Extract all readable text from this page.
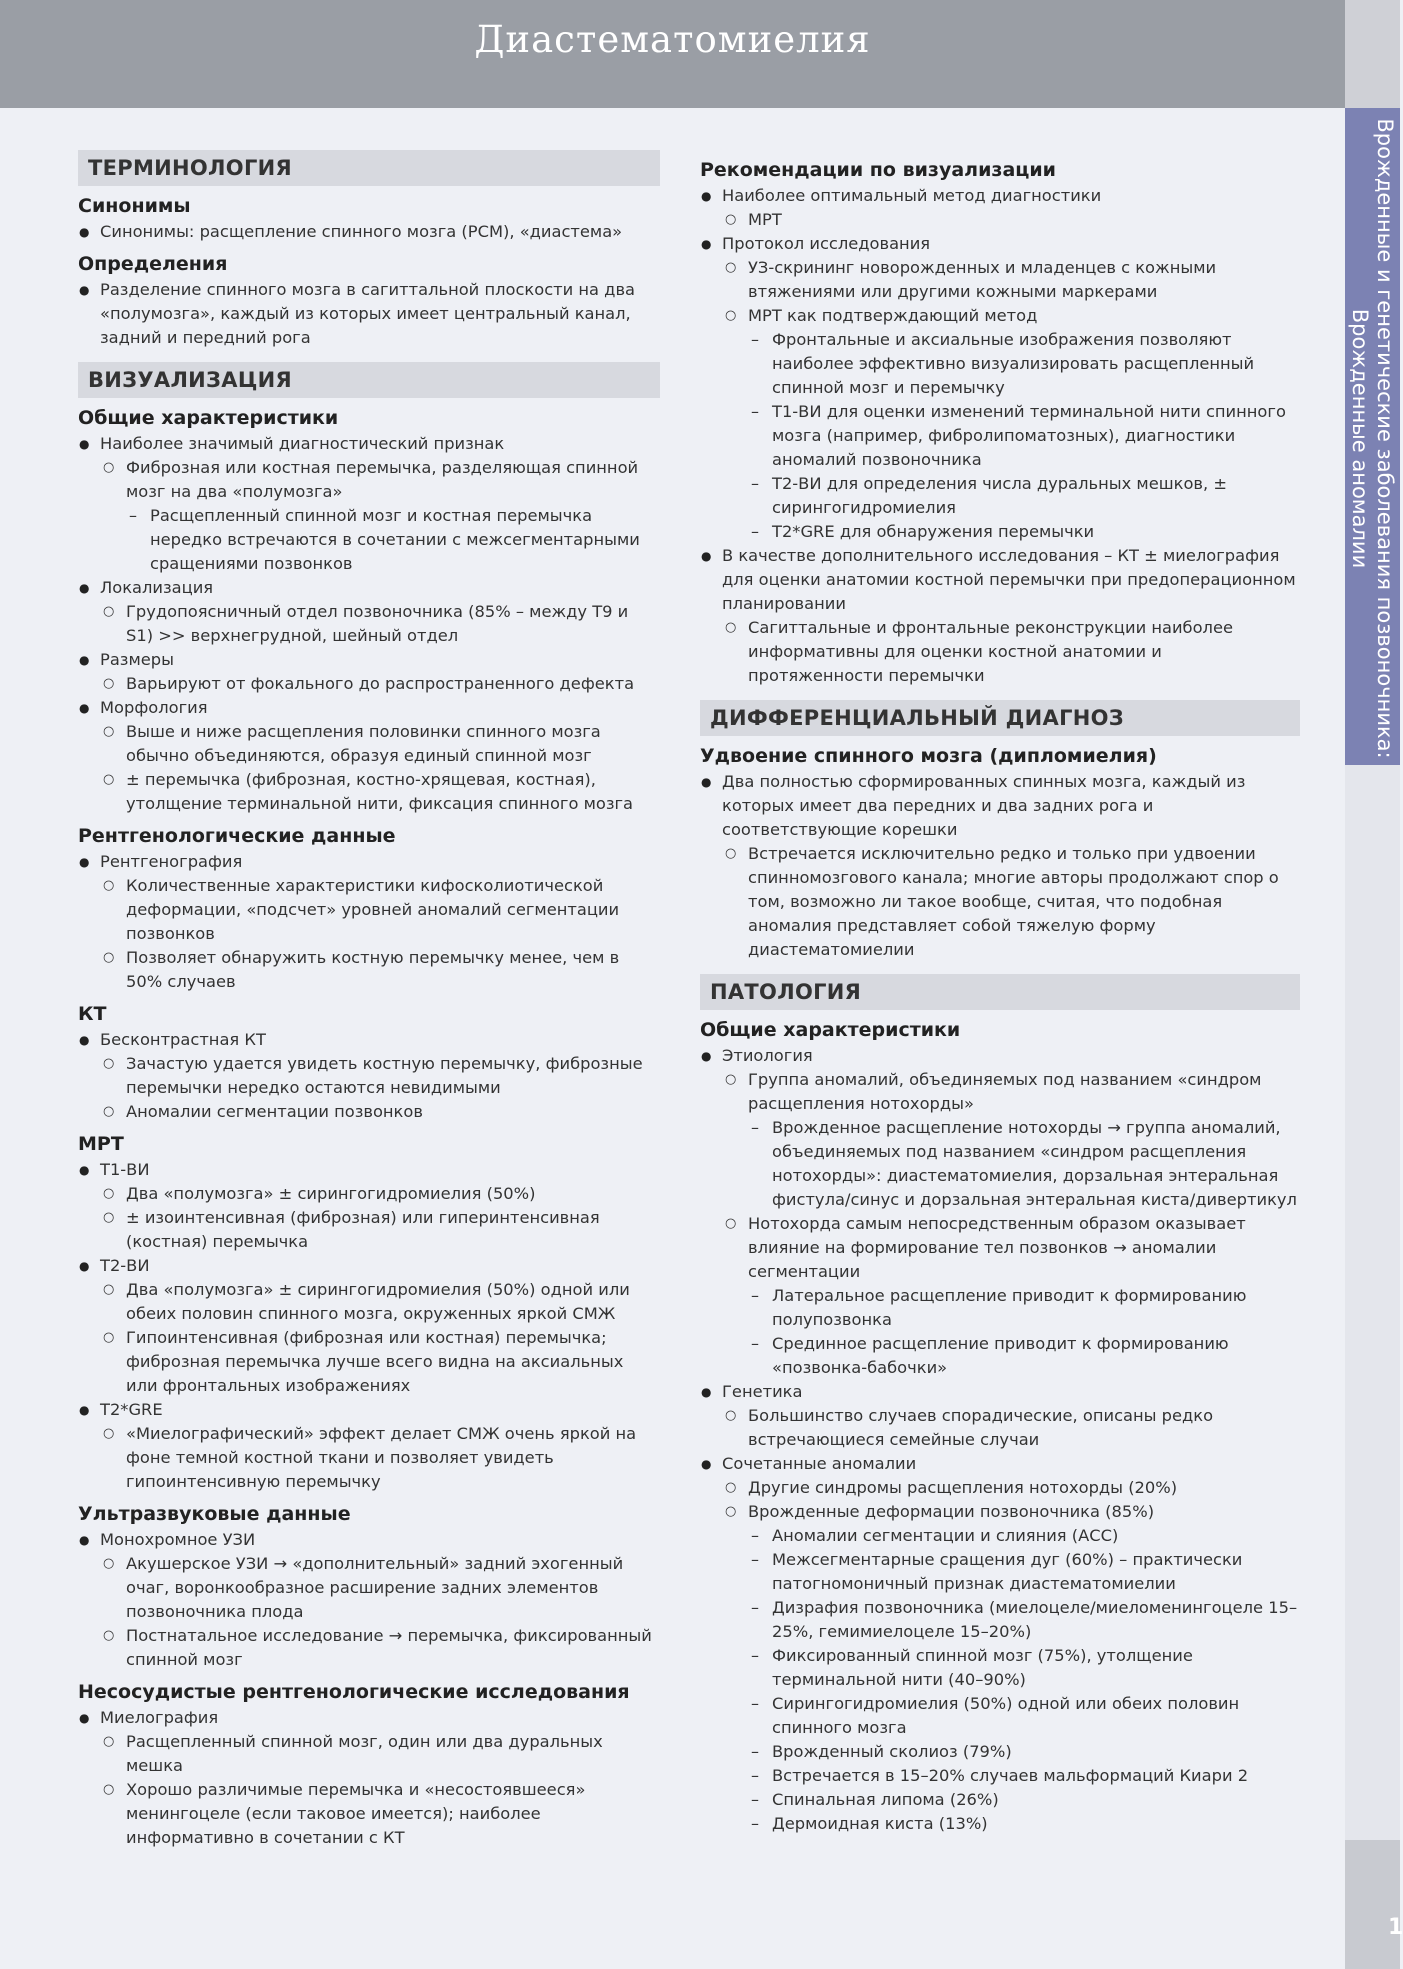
Диастематомиелия
Врожденные и генетические заболевания позвоночника: Врожденные аномалии
1
ТЕРМИНОЛОГИЯ
Синонимы
● Синонимы: расщепление спинного мозга (РСМ), «диастема»
Определения
● Разделение спинного мозга в сагиттальной плоскости на два «полумозга», каждый из которых имеет центральный канал, задний и передний рога
ВИЗУАЛИЗАЦИЯ
Общие характеристики
● Наиболее значимый диагностический признак
○ Фиброзная или костная перемычка, разделяющая спинной мозг на два «полумозга»
– Расщепленный спинной мозг и костная перемычка нередко встречаются в сочетании с межсегментарными сращениями позвонков
● Локализация
○ Грудопоясничный отдел позвоночника (85% – между Т9 и S1) >> верхнегрудной, шейный отдел
● Размеры
○ Варьируют от фокального до распространенного дефекта
● Морфология
○ Выше и ниже расщепления половинки спинного мозга обычно объединяются, образуя единый спинной мозг
○ ± перемычка (фиброзная, костно-хрящевая, костная), утолщение терминальной нити, фиксация спинного мозга
Рентгенологические данные
● Рентгенография
○ Количественные характеристики кифосколиотической деформации, «подсчет» уровней аномалий сегментации позвонков
○ Позволяет обнаружить костную перемычку менее, чем в 50% случаев
КТ
● Бесконтрастная КТ
○ Зачастую удается увидеть костную перемычку, фиброзные перемычки нередко остаются невидимыми
○ Аномалии сегментации позвонков
МРТ
● Т1-ВИ
○ Два «полумозга» ± сирингогидромиелия (50%)
○ ± изоинтенсивная (фиброзная) или гиперинтенсивная (костная) перемычка
● Т2-ВИ
○ Два «полумозга» ± сирингогидромиелия (50%) одной или обеих половин спинного мозга, окруженных яркой СМЖ
○ Гипоинтенсивная (фиброзная или костная) перемычка; фиброзная перемычка лучше всего видна на аксиальных или фронтальных изображениях
● T2*GRE
○ «Миелографический» эффект делает СМЖ очень яркой на фоне темной костной ткани и позволяет увидеть гипоинтенсивную перемычку
Ультразвуковые данные
● Монохромное УЗИ
○ Акушерское УЗИ → «дополнительный» задний эхогенный очаг, воронкообразное расширение задних элементов позвоночника плода
○ Постнатальное исследование → перемычка, фиксированный спинной мозг
Несосудистые рентгенологические исследования
● Миелография
○ Расщепленный спинной мозг, один или два дуральных мешка
○ Хорошо различимые перемычка и «несостоявшееся» менингоцеле (если таковое имеется); наиболее информативно в сочетании с КТ
Рекомендации по визуализации
● Наиболее оптимальный метод диагностики
○ МРТ
● Протокол исследования
○ УЗ-скрининг новорожденных и младенцев с кожными втяжениями или другими кожными маркерами
○ МРТ как подтверждающий метод
– Фронтальные и аксиальные изображения позволяют наиболее эффективно визуализировать расщепленный спинной мозг и перемычку
– Т1-ВИ для оценки изменений терминальной нити спинного мозга (например, фибролипоматозных), диагностики аномалий позвоночника
– Т2-ВИ для определения числа дуральных мешков, ± сирингогидромиелия
– T2*GRE для обнаружения перемычки
● В качестве дополнительного исследования – КТ ± миелография для оценки анатомии костной перемычки при предоперационном планировании
○ Сагиттальные и фронтальные реконструкции наиболее информативны для оценки костной анатомии и протяженности перемычки
ДИФФЕРЕНЦИАЛЬНЫЙ ДИАГНОЗ
Удвоение спинного мозга (дипломиелия)
● Два полностью сформированных спинных мозга, каждый из которых имеет два передних и два задних рога и соответствующие корешки
○ Встречается исключительно редко и только при удвоении спинномозгового канала; многие авторы продолжают спор о том, возможно ли такое вообще, считая, что подобная аномалия представляет собой тяжелую форму диастематомиелии
ПАТОЛОГИЯ
Общие характеристики
● Этиология
○ Группа аномалий, объединяемых под названием «синдром расщепления нотохорды»
– Врожденное расщепление нотохорды → группа аномалий, объединяемых под названием «синдром расщепления нотохорды»: диастематомиелия, дорзальная энтеральная фистула/синус и дорзальная энтеральная киста/дивертикул
○ Нотохорда самым непосредственным образом оказывает влияние на формирование тел позвонков → аномалии сегментации
– Латеральное расщепление приводит к формированию полупозвонка
– Срединное расщепление приводит к формированию «позвонка-бабочки»
● Генетика
○ Большинство случаев спорадические, описаны редко встречающиеся семейные случаи
● Сочетанные аномалии
○ Другие синдромы расщепления нотохорды (20%)
○ Врожденные деформации позвоночника (85%)
– Аномалии сегментации и слияния (АСС)
– Межсегментарные сращения дуг (60%) – практически патогномоничный признак диастематомиелии
– Дизрафия позвоночника (миелоцеле/миеломенингоцеле 15–25%, гемимиелоцеле 15–20%)
– Фиксированный спинной мозг (75%), утолщение терминальной нити (40–90%)
– Сирингогидромиелия (50%) одной или обеих половин спинного мозга
– Врожденный сколиоз (79%)
– Встречается в 15–20% случаев мальформаций Киари 2
– Спинальная липома (26%)
– Дермоидная киста (13%)
